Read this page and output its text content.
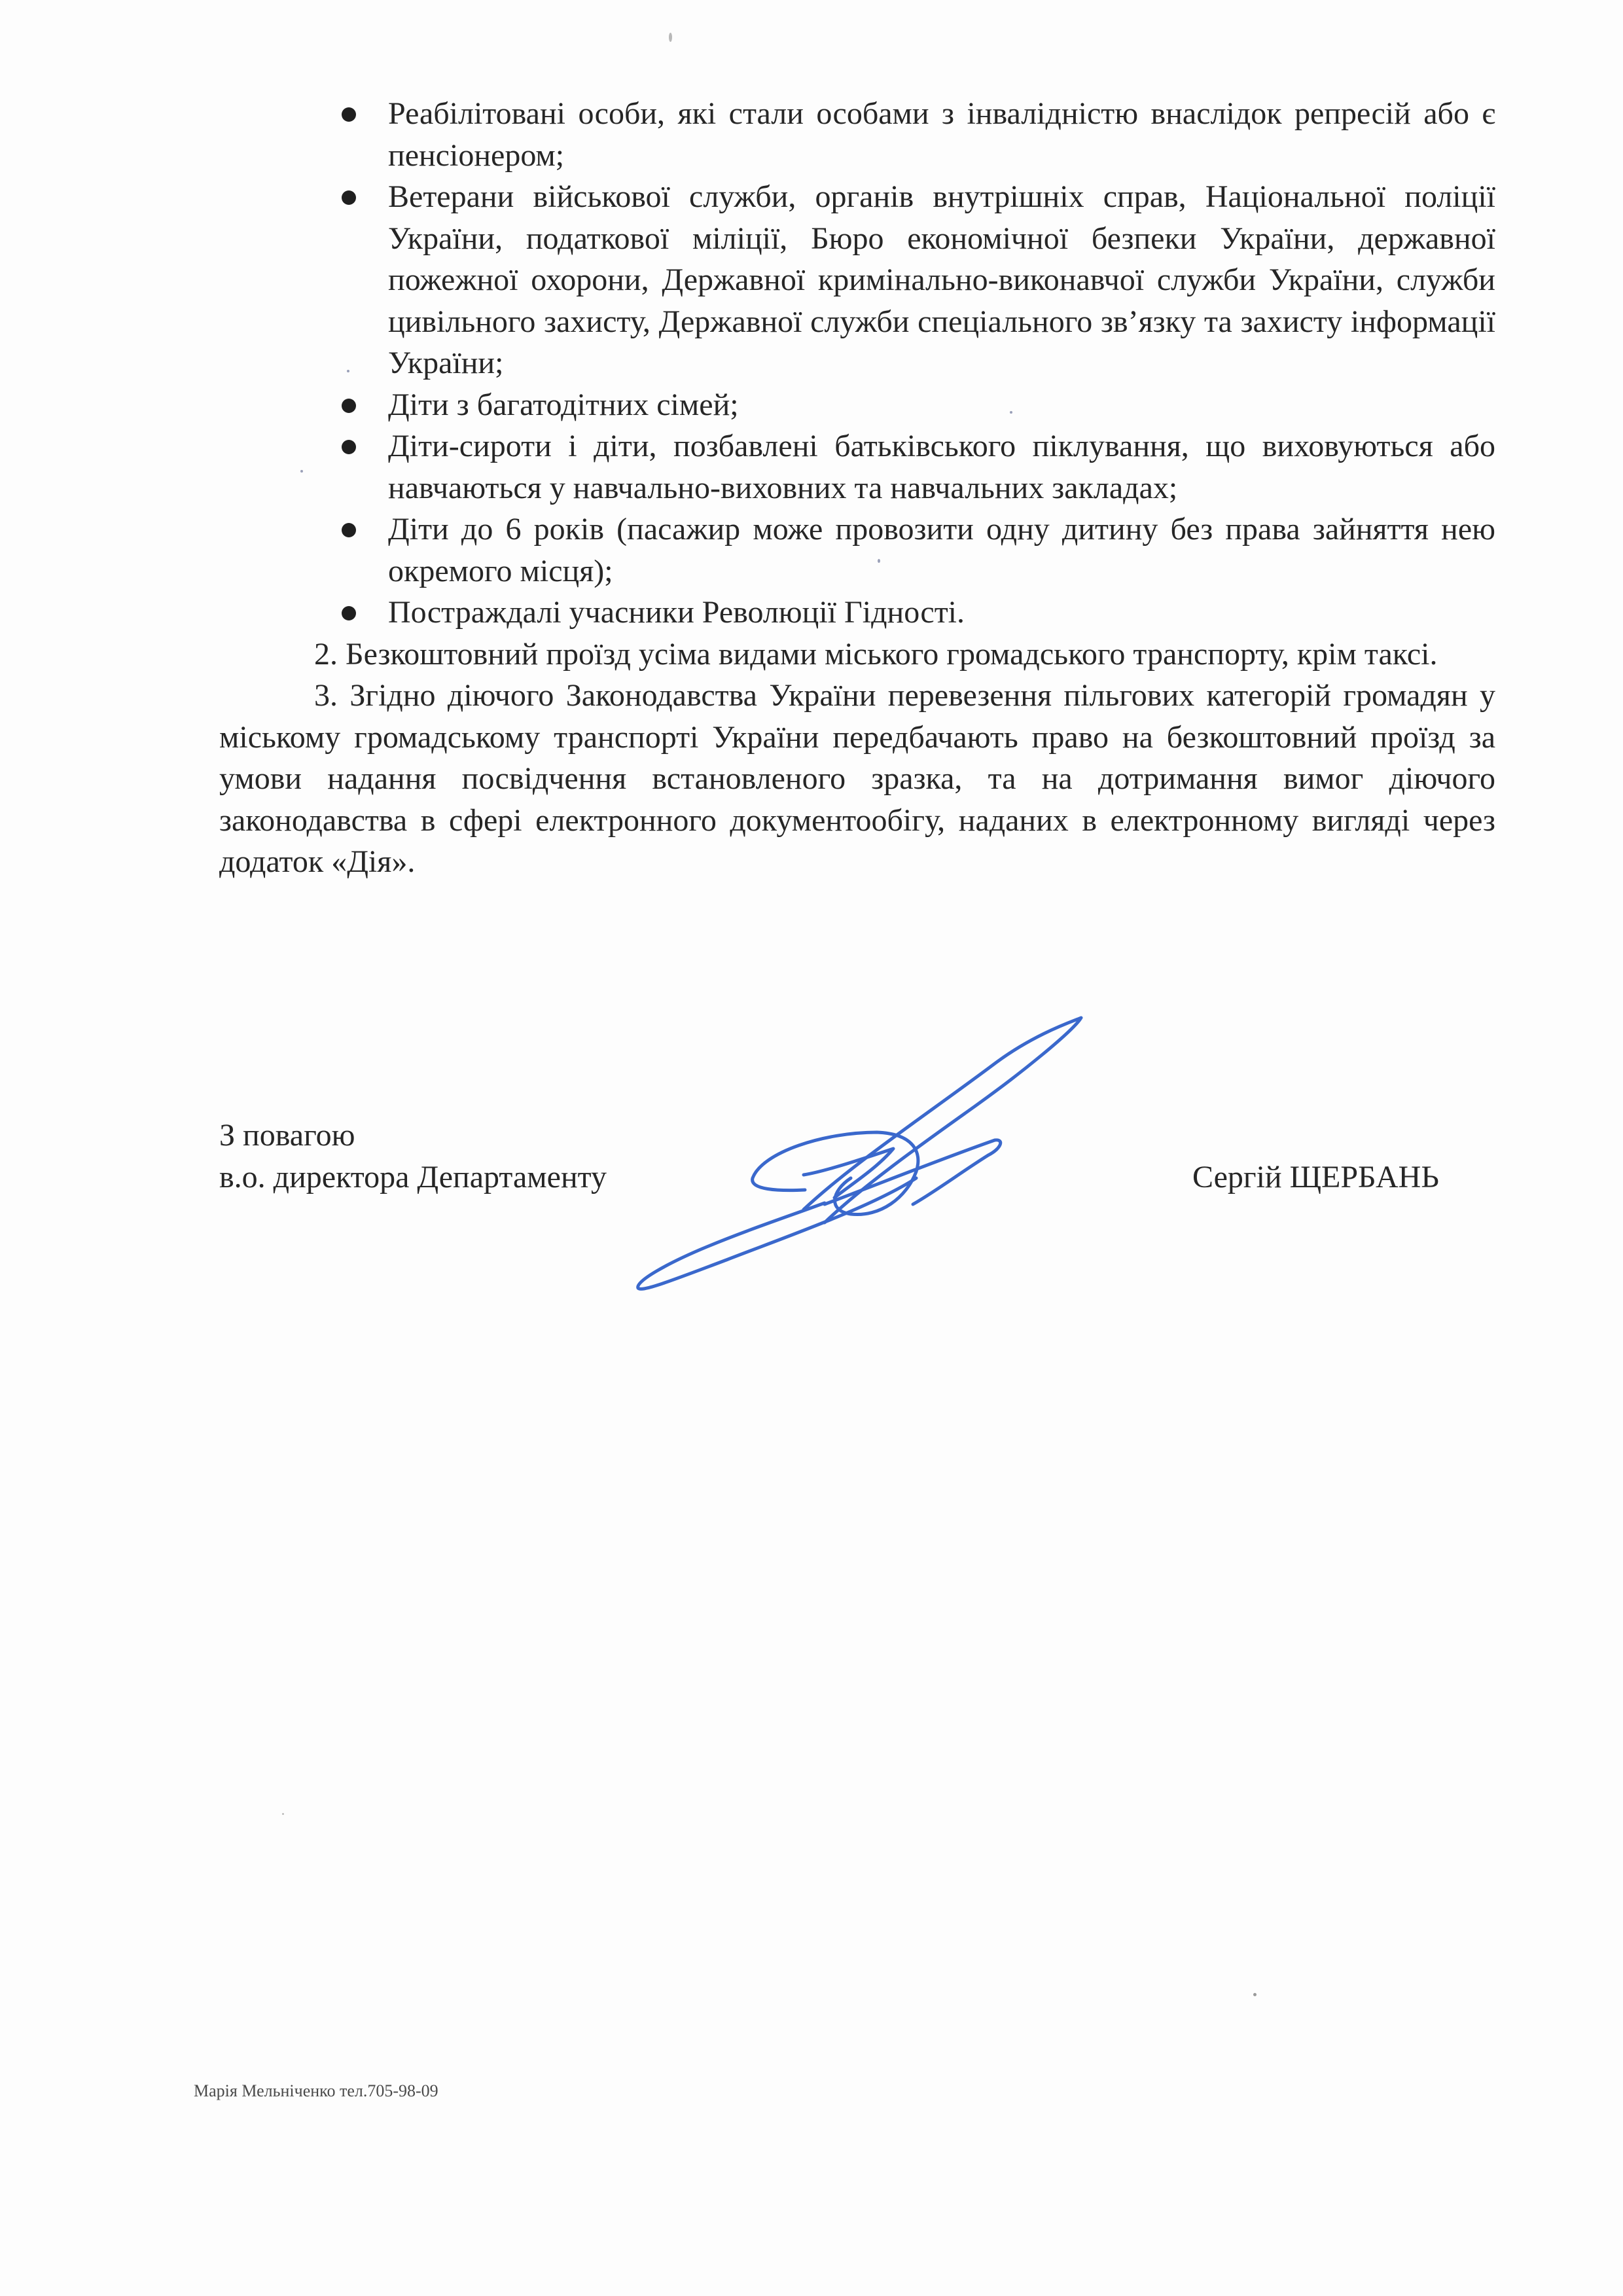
Реабілітовані особи, які стали особами з інвалідністю внаслідок репресій або є пенсіонером;
Ветерани військової служби, органів внутрішніх справ, Національної поліції України, податкової міліції, Бюро економічної безпеки України, державної пожежної охорони, Державної кримінально-виконавчої служби України, служби цивільного захисту, Державної служби спеціального зв’язку та захисту інформації України;
Діти з багатодітних сімей;
Діти-сироти і діти, позбавлені батьківського піклування, що виховуються або навчаються у навчально-виховних та навчальних закладах;
Діти до 6 років (пасажир може провозити одну дитину без права зайняття нею окремого місця);
Постраждалі учасники Революції Гідності.

2. Безкоштовний проїзд усіма видами міського громадського транспорту, крім таксі.

3. Згідно діючого Законодавства України перевезення пільгових категорій громадян у міському громадському транспорті України передбачають право на безкоштовний проїзд за умови надання посвідчення встановленого зразка, та на дотримання вимог діючого законодавства в сфері електронного документообігу, наданих в електронному вигляді через додаток «Дія».

З повагою
в.о. директора Департаменту	Сергій ЩЕРБАНЬ
Марія Мельніченко тел.705-98-09
